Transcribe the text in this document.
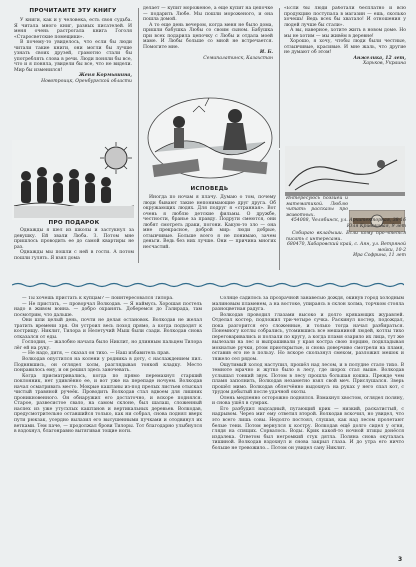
ПРОЧИТАЙТЕ ЭТУ КНИГУ

У книги, как и у человека, есть своя судьба. Я читала много книг, разных писателей. И меня очень растрогала книга Гоголя «Старосветские помещики».

В почему-то увиделось, что если бы люди читали такие книги, они могли бы лучше узнать своих друзей, грамотно стали бы употреблять слова в речи. Люди поняли бы все, что и я поняла, увидели бы все, что не видели. Мир бы изменился!

Женя Кормышина,
Новотроицк, Оренбургской области

делает — купит мороженое, а еще купит на цепочке — подарить Любе. Мы пошли мороженого, и она пошла домой.

А то еще день вечером, когда меня не было дома, пришли бабушка Любы со своим сыном. Бабушка при всех подарила цепочку с Любы и отдала моей маме. И Любы больше со мной не встречается. Помогите мне.

И. Б.
Семипалатинск, Казахстан

«Если бы люди работали бесплатно и всю продукцию поступала в магазин — ешь, сколько хочешь! Ведь всех бы хватало! И отношения у людей лучше бы стали».

А вы, наверное, хотите жить в новом доме. Но мы не хотим — мы живём в деревне!

Хорошо, я хочу, чтобы люди были честные, отзывчивые, красивые. И мне жаль, что другие не думают об этом!

Анжелика, 12 лет,
Харьков, Украина
ПРО ПОДАРОК

Однажды я шел из школы и застукнул за девушку. Ей звали Люба. З. Потом мне пришлось проводить ее до самой квартиры не раз.

Однажды мы пошли с ней в гости. А потом пошли гулять. Я взял дома

ИСПОВЕДЬ

Иногда по ночам я плачу. Думаю о том, почему люди бывают такие непонимающие друг друга. Об окружающих людях. Для подруг я «странная». Вот очень я люблю детские фильмы. О дружбе, честности, бранье за правду. Подруги смеются, они любят смотреть драки, погони. Какую-то зло — она мне прекрасное, доброй мир: люди добрые, отзывчивые. Больше всего я не понимаю, зачем деньги. Ведь без них лучше. Они — причина многих несчастий.

Интересуюсь поэзией и математикой. Люблю читать рассказы про животных.

454008, Челябинск, ул. Архитекторная, 38-16

Юля Кривоковая, 9 лет

Собираю вкладыши. Если кому про-чтется писать с интересами.

680470, Хабаровский край, с. Аян, ул. Ветряной мойки, 10-2

Ира Софрина, 11 лет

— Ты хочешь пристать к купцам? — поинтересовался Тилора.

— Не пристать, — проворчал Волкодав. — Я наймусь. Хорошая постель надо в живом воина. — добро охранять. Доберемся до Галирада, там посмотрим, что дальше.

Они шли целый день, почти не делая остановок. Волкодав не желал тратить времени зря. Он устроил весь поход прямо, а когда подходят к кострищу. Никлит, Тилора и Нелетучий Мыш были сзади. Волкодав снова отказался от еды.

Господин, — жалобно начала было Никлит, но длинным пальцем Тилора лёг ей на руку.

— Не надо, дитя, — сказал он тихо. — Наш избавитель прав.

Волкодав опустился на колени у родника в доту, с наслаждением пил. Поднявшись, он оглядел холм, разглядывая тонкой кладку. Место понравилось ему, и он решил здесь заночевать.

Когда присматривались, когда по прямо перемахнул старший поклонник, нет удивлённо ее, и вот уже на перепаде ночуем. Волкодав начал осматривать место. Мокрые каштаны из-под прелых листьев отыскал чистый травяной ручеёк. Проводить Волкодав стал вдвоем для лишних проникновенного. Он обнаружил его достаточно, и вскоре поднялся. Старое, развесистое свало, на самом склоне, был шалаш, сложенный наспех из уже утусхлых каштанов и вертикальных деревьев. Волкодав, предусмотрительно оставшийся только, как ни собрал, снова поднял вверх пути рюкзак, усердно вылазил его высушенными пучками и отодвинул их ветками. Тем паче, — продолжал брови Тилоры. Тот благодарно улыбнулся в вздохнул, благонравно вытягивая тощие ноги.

Солнце садилось за прозрачной занавесью дождя, окинув город холодным малиновым пламенем, а на востоке, упираясь в склон холма, торчком стояла разноцветная радуга.

Волкодав проводил глазами высоко и долго крякающих журавлей. Отделал костер, подложил три-четыре сучка. Раскинул костер, подождал, пока разгорится его сложенные, и только тогда начал разбираться. Понемногу котлы собрались, утомившись все мешаниной людей, котлы тихо переговаривались и ползали по кругу, а когда пламя озарило их лица, тут же вылезали на лес и выпрашивали у края костра свою порцию, подкладывая мохнатые ручки, ртом приоткрытые, и снова доверчиво смотрели на пламя, оставив его не в пользу. Но вскоре скользнул смехом, разложил мешок и тяжело сел рядом.

Ощутимый холод наступил, прошёл над лесом, и в полудне стало тихо. В темноте мрачно и жутко было в лесу, где шорох стал выше. Волкодав услышал тонкий звук. Потом в лесу прошла большая кошка. Прежде чем пламя заполнить, Волкодав незаметно взял свой меч. Прислушался. Зверь прошёл мимо. Волкодав облегчённо выдохнул: на руках у него спал кот, с трудом добытый после удачной охоты.

Олень медленно осторожно поднялся. Взмахнул хвостом, оглядел поляну, и снова ушёл в сумрак.

Его разбудил надсадный, пугающий крик — низкий, раскатистый, с надрывом. Через миг ему ответил второй. Волкодав вскочил, но увидел, что это всего лишь совы. Недолго постоял, слушая, как над лесом пролетают белые тени. Потом вернулся к костру. Волкодав ещё долго сидел у огня, глядя на спящих. Сорвалось. Воды. Крик какой-то ночной птицы донёсся издалека. Ответом был негромкий стук дятла. Поляна снова окуталась тишиной. Волкодав вздохнул и снова закрыл глаза. И до утра его ничто больше не тревожило... Потом он увидел сану Никлит.

3
